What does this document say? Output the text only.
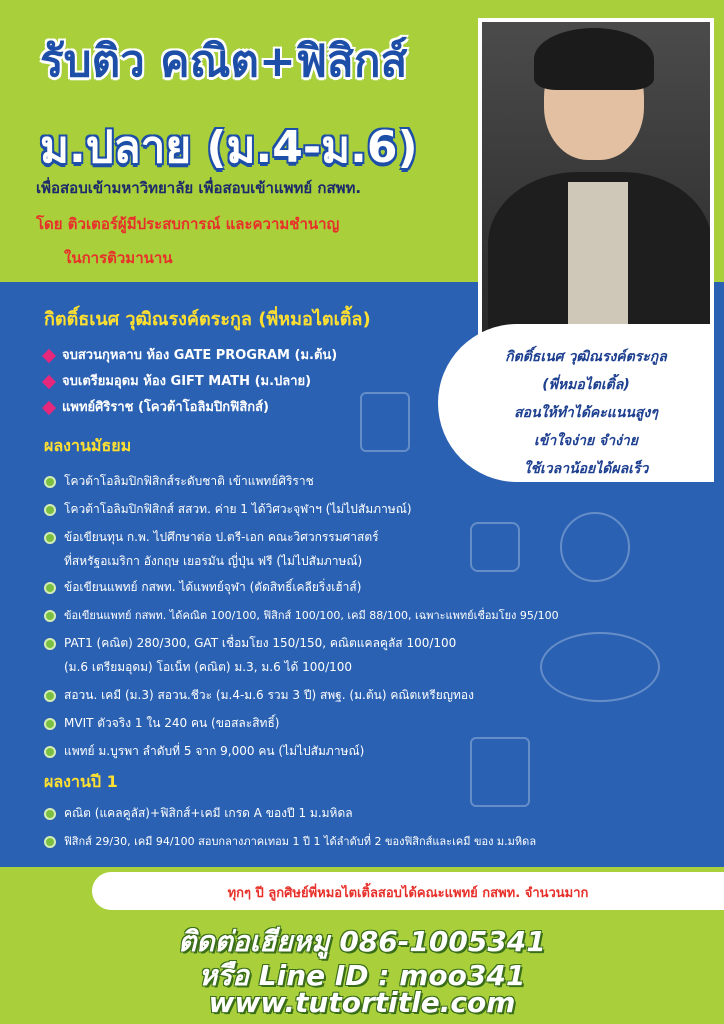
รับติว คณิต+ฟิสิกส์
ม.ปลาย (ม.4-ม.6)
เพื่อสอบเข้ามหาวิทยาลัย เพื่อสอบเข้าแพทย์ กสพท.
โดย ติวเตอร์ผู้มีประสบการณ์ และความชำนาญ
ในการติวมานาน
กิตติ์ธเนศ วุฒิณรงค์ตระกูล
(พี่หมอไตเติ้ล)
สอนให้ทำได้คะแนนสูงๆ
เข้าใจง่าย จำง่าย
ใช้เวลาน้อยได้ผลเร็ว
กิตติ์ธเนศ วุฒิณรงค์ตระกูล (พี่หมอไตเติ้ล)
จบสวนกุหลาบ ห้อง GATE PROGRAM (ม.ต้น)
จบเตรียมอุดม ห้อง GIFT MATH (ม.ปลาย)
แพทย์ศิริราช (โควต้าโอลิมปิกฟิสิกส์)
ผลงานมัธยม
โควต้าโอลิมปิกฟิสิกส์ระดับชาติ เข้าแพทย์ศิริราช
โควต้าโอลิมปิกฟิสิกส์ สสวท. ค่าย 1 ได้วิศวะจุฬาฯ (ไม่ไปสัมภาษณ์)
ข้อเขียนทุน ก.พ. ไปศึกษาต่อ ป.ตรี-เอก คณะวิศวกรรมศาสตร์
ที่สหรัฐอเมริกา อังกฤษ เยอรมัน ญี่ปุ่น ฟรี (ไม่ไปสัมภาษณ์)
ข้อเขียนแพทย์ กสพท. ได้แพทย์จุฬา (ตัดสิทธิ์เคลียริ่งเฮ้าส์)
ข้อเขียนแพทย์ กสพท. ได้คณิต 100/100, ฟิสิกส์ 100/100, เคมี 88/100, เฉพาะแพทย์เชื่อมโยง 95/100
PAT1 (คณิต) 280/300, GAT เชื่อมโยง 150/150, คณิตแคลคูลัส 100/100
(ม.6 เตรียมอุดม) โอเน็ท (คณิต) ม.3, ม.6 ได้ 100/100
สอวน. เคมี (ม.3) สอวน.ชีวะ (ม.4-ม.6 รวม 3 ปี) สพฐ. (ม.ต้น) คณิตเหรียญทอง
MVIT ตัวจริง 1 ใน 240 คน (ขอสละสิทธิ์)
แพทย์ ม.บูรพา ลำดับที่ 5 จาก 9,000 คน (ไม่ไปสัมภาษณ์)
ผลงานปี 1
คณิต (แคลคูลัส)+ฟิสิกส์+เคมี เกรด A ของปี 1 ม.มหิดล
ฟิสิกส์ 29/30, เคมี 94/100 สอบกลางภาคเทอม 1 ปี 1 ได้ลำดับที่ 2 ของฟิสิกส์และเคมี ของ ม.มหิดล
ทุกๆ ปี ลูกศิษย์พี่หมอไตเติ้ลสอบได้คณะแพทย์ กสพท. จำนวนมาก
ติดต่อเฮียหมู 086-1005341
หรือ Line ID : moo341
www.tutortitle.com
